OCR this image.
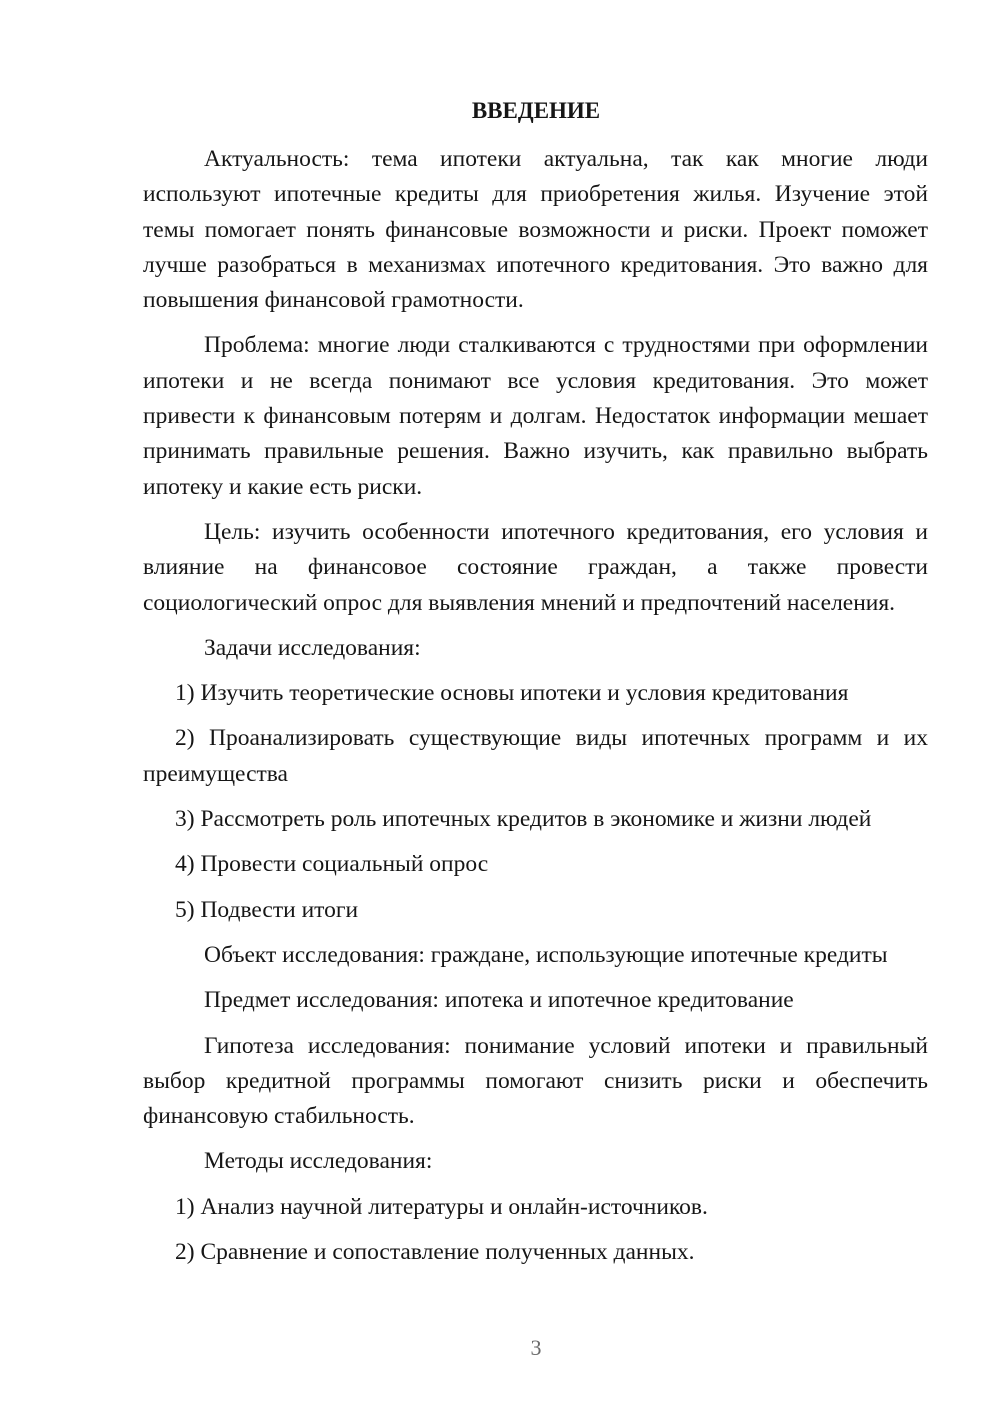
ВВЕДЕНИЕ

Актуальность: тема ипотеки актуальна, так как многие люди используют ипотечные кредиты для приобретения жилья. Изучение этой темы помогает понять финансовые возможности и риски. Проект поможет лучше разобраться в механизмах ипотечного кредитования. Это важно для повышения финансовой грамотности.

Проблема: многие люди сталкиваются с трудностями при оформлении ипотеки и не всегда понимают все условия кредитования. Это может привести к финансовым потерям и долгам. Недостаток информации мешает принимать правильные решения. Важно изучить, как правильно выбрать ипотеку и какие есть риски.

Цель: изучить особенности ипотечного кредитования, его условия и влияние на финансовое состояние граждан, а также провести социологический опрос для выявления мнений и предпочтений населения.

Задачи исследования:

1) Изучить теоретические основы ипотеки и условия кредитования

2) Проанализировать существующие виды ипотечных программ и их преимущества

3) Рассмотреть роль ипотечных кредитов в экономике и жизни людей

4) Провести социальный опрос

5) Подвести итоги

Объект исследования: граждане, использующие ипотечные кредиты

Предмет исследования: ипотека и ипотечное кредитование

Гипотеза исследования: понимание условий ипотеки и правильный выбор кредитной программы помогают снизить риски и обеспечить финансовую стабильность.

Методы исследования:

1) Анализ научной литературы и онлайн-источников.

2) Сравнение и сопоставление полученных данных.

3
